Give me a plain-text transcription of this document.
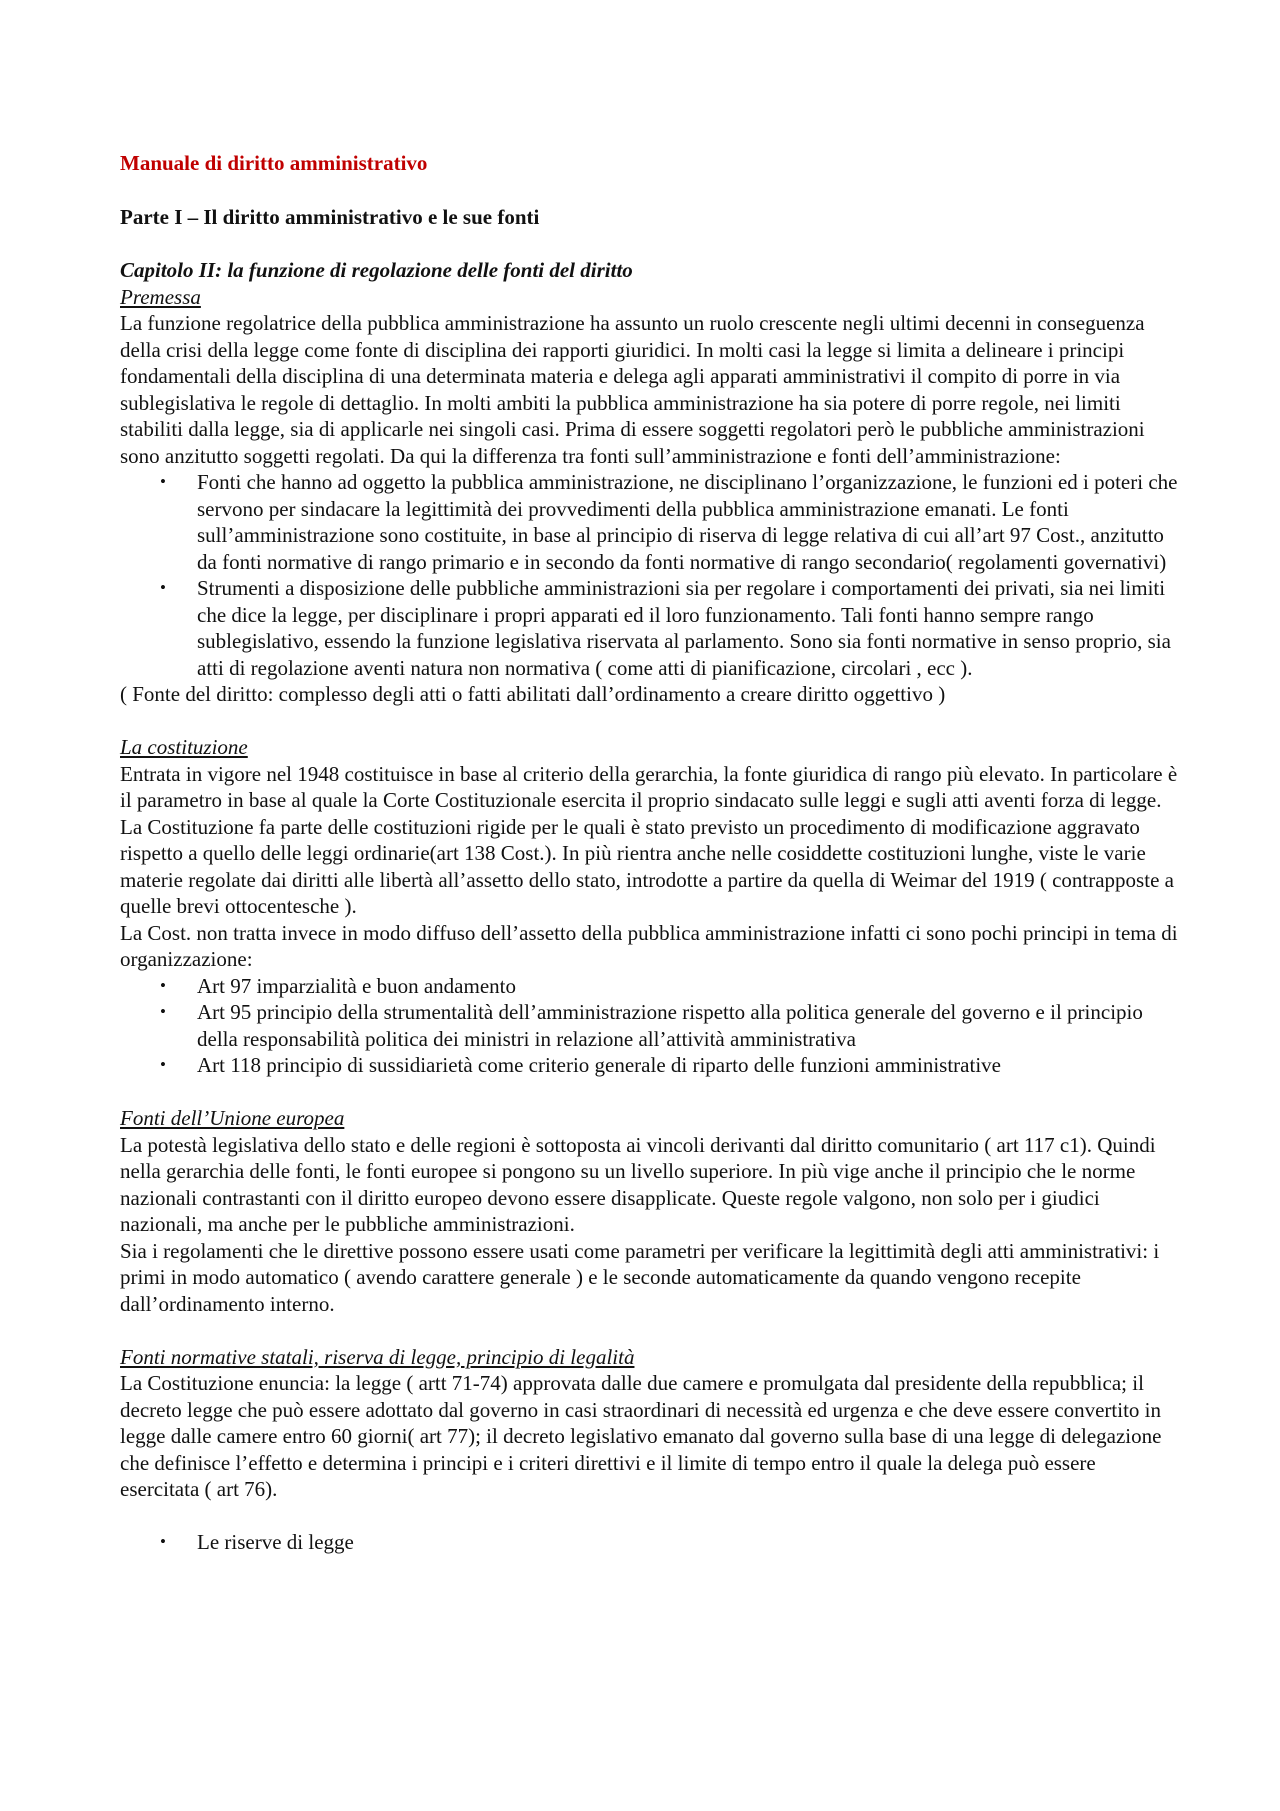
Manuale di diritto amministrativo

Parte I – Il diritto amministrativo e le sue fonti

Capitolo II: la funzione di regolazione delle fonti del diritto

Premessa

La funzione regolatrice della pubblica amministrazione ha assunto un ruolo crescente negli ultimi decenni in conseguenza della crisi della legge come fonte di disciplina dei rapporti giuridici. In molti casi la legge si limita a delineare i principi fondamentali della disciplina di una determinata materia e delega agli apparati amministrativi il compito di porre in via sublegislativa le regole di dettaglio. In molti ambiti la pubblica amministrazione ha sia potere di porre regole, nei limiti stabiliti dalla legge, sia di applicarle nei singoli casi. Prima di essere soggetti regolatori però le pubbliche amministrazioni sono anzitutto soggetti regolati. Da qui la differenza tra fonti sull’amministrazione e fonti dell’amministrazione:

• Fonti che hanno ad oggetto la pubblica amministrazione, ne disciplinano l’organizzazione, le funzioni ed i poteri che servono per sindacare la legittimità dei provvedimenti della pubblica amministrazione emanati. Le fonti sull’amministrazione sono costituite, in base al principio di riserva di legge relativa di cui all’art 97 Cost., anzitutto da fonti normative di rango primario e in secondo da fonti normative di rango secondario( regolamenti governativi)
• Strumenti a disposizione delle pubbliche amministrazioni sia per regolare i comportamenti dei privati, sia nei limiti che dice la legge, per disciplinare i propri apparati ed il loro funzionamento. Tali fonti hanno sempre rango sublegislativo, essendo la funzione legislativa riservata al parlamento. Sono sia fonti normative in senso proprio, sia atti di regolazione aventi natura non normativa ( come atti di pianificazione, circolari , ecc ).

( Fonte del diritto: complesso degli atti o fatti abilitati dall’ordinamento a creare diritto oggettivo )

La costituzione

Entrata in vigore nel 1948 costituisce in base al criterio della gerarchia, la fonte giuridica di rango più elevato. In particolare è il parametro in base al quale la Corte Costituzionale esercita il proprio sindacato sulle leggi e sugli atti aventi forza di legge. La Costituzione fa parte delle costituzioni rigide per le quali è stato previsto un procedimento di modificazione aggravato rispetto a quello delle leggi ordinarie(art 138 Cost.). In più rientra anche nelle cosiddette costituzioni lunghe, viste le varie materie regolate dai diritti alle libertà all’assetto dello stato, introdotte a partire da quella di Weimar del 1919 ( contrapposte a quelle brevi ottocentesche ).

La Cost. non tratta invece in modo diffuso dell’assetto della pubblica amministrazione infatti ci sono pochi principi in tema di organizzazione:

• Art 97 imparzialità e buon andamento
• Art 95 principio della strumentalità dell’amministrazione rispetto alla politica generale del governo e il principio della responsabilità politica dei ministri in relazione all’attività amministrativa
• Art 118 principio di sussidiarietà come criterio generale di riparto delle funzioni amministrative

Fonti dell’Unione europea

La potestà legislativa dello stato e delle regioni è sottoposta ai vincoli derivanti dal diritto comunitario ( art 117 c1). Quindi nella gerarchia delle fonti, le fonti europee si pongono su un livello superiore. In più vige anche il principio che le norme nazionali contrastanti con il diritto europeo devono essere disapplicate. Queste regole valgono, non solo per i giudici nazionali, ma anche per le pubbliche amministrazioni.

Sia i regolamenti che le direttive possono essere usati come parametri per verificare la legittimità degli atti amministrativi: i primi in modo automatico ( avendo carattere generale ) e le seconde automaticamente da quando vengono recepite dall’ordinamento interno.

Fonti normative statali, riserva di legge, principio di legalità

La Costituzione enuncia: la legge ( artt 71-74) approvata dalle due camere e promulgata dal presidente della repubblica; il decreto legge che può essere adottato dal governo in casi straordinari di necessità ed urgenza e che deve essere convertito in legge dalle camere entro 60 giorni( art 77); il decreto legislativo emanato dal governo sulla base di una legge di delegazione che definisce l’effetto e determina i principi e i criteri direttivi e il limite di tempo entro il quale la delega può essere esercitata ( art 76).

• Le riserve di legge
